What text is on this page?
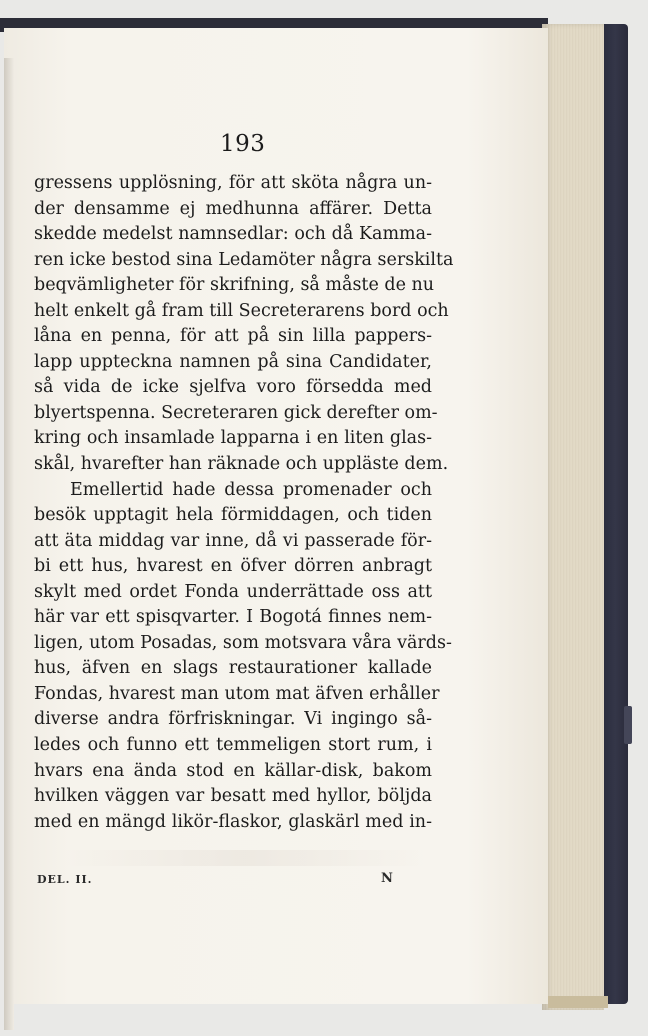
193
gressens upplösning, för att sköta några un-
der densamme ej medhunna affärer. Detta
skedde medelst namnsedlar: och då Kamma-
ren icke bestod sina Ledamöter några serskilta
beqvämligheter för skrifning, så måste de nu
helt enkelt gå fram till Secreterarens bord och
låna en penna, för att på sin lilla pappers-
lapp uppteckna namnen på sina Candidater,
så vida de icke sjelfva voro försedda med
blyertspenna. Secreteraren gick derefter om-
kring och insamlade lapparna i en liten glas-
skål, hvarefter han räknade och uppläste dem.
Emellertid hade dessa promenader och
besök upptagit hela förmiddagen, och tiden
att äta middag var inne, då vi passerade för-
bi ett hus, hvarest en öfver dörren anbragt
skylt med ordet Fonda underrättade oss att
här var ett spisqvarter. I Bogotá finnes nem-
ligen, utom Posadas, som motsvara våra värds-
hus, äfven en slags restaurationer kallade
Fondas, hvarest man utom mat äfven erhåller
diverse andra förfriskningar. Vi ingingo så-
ledes och funno ett temmeligen stort rum, i
hvars ena ända stod en källar-disk, bakom
hvilken väggen var besatt med hyllor, böljda
med en mängd likör-flaskor, glaskärl med in-
DEL. II.	N
